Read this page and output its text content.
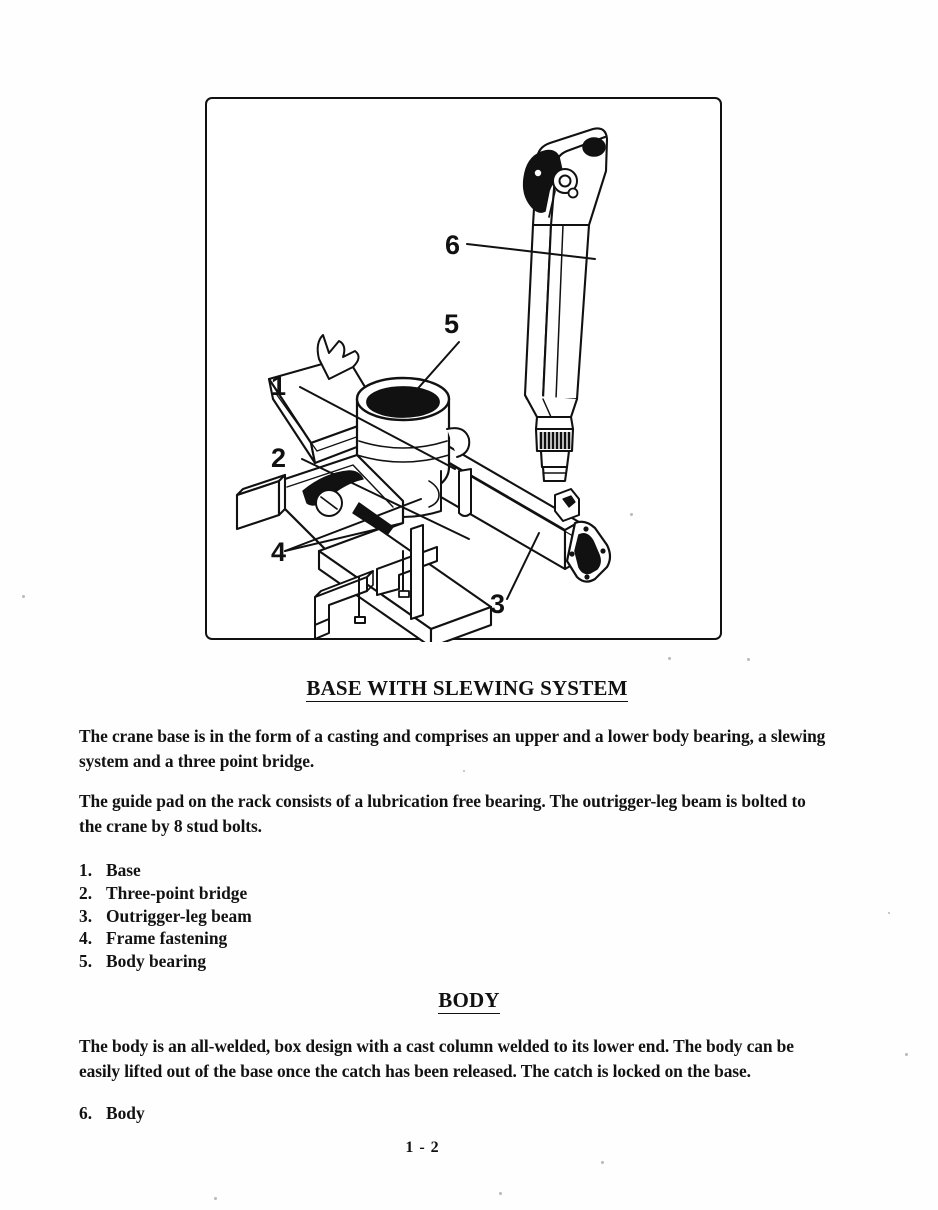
1
2
3
4
5
6
BASE WITH SLEWING SYSTEM
The crane base is in the form of a casting and comprises an upper and a lower body bearing, a slewing system and a three point bridge.
The guide pad on the rack consists of a lubrication free bearing. The outrigger-leg beam is bolted to the crane by 8 stud bolts.
1. Base
2. Three-point bridge
3. Outrigger-leg beam
4. Frame fastening
5. Body bearing
BODY
The body is an all-welded, box design with a cast column welded to its lower end. The body can be easily lifted out of the base once the catch has been released. The catch is locked on the base.
6. Body
1 - 2
